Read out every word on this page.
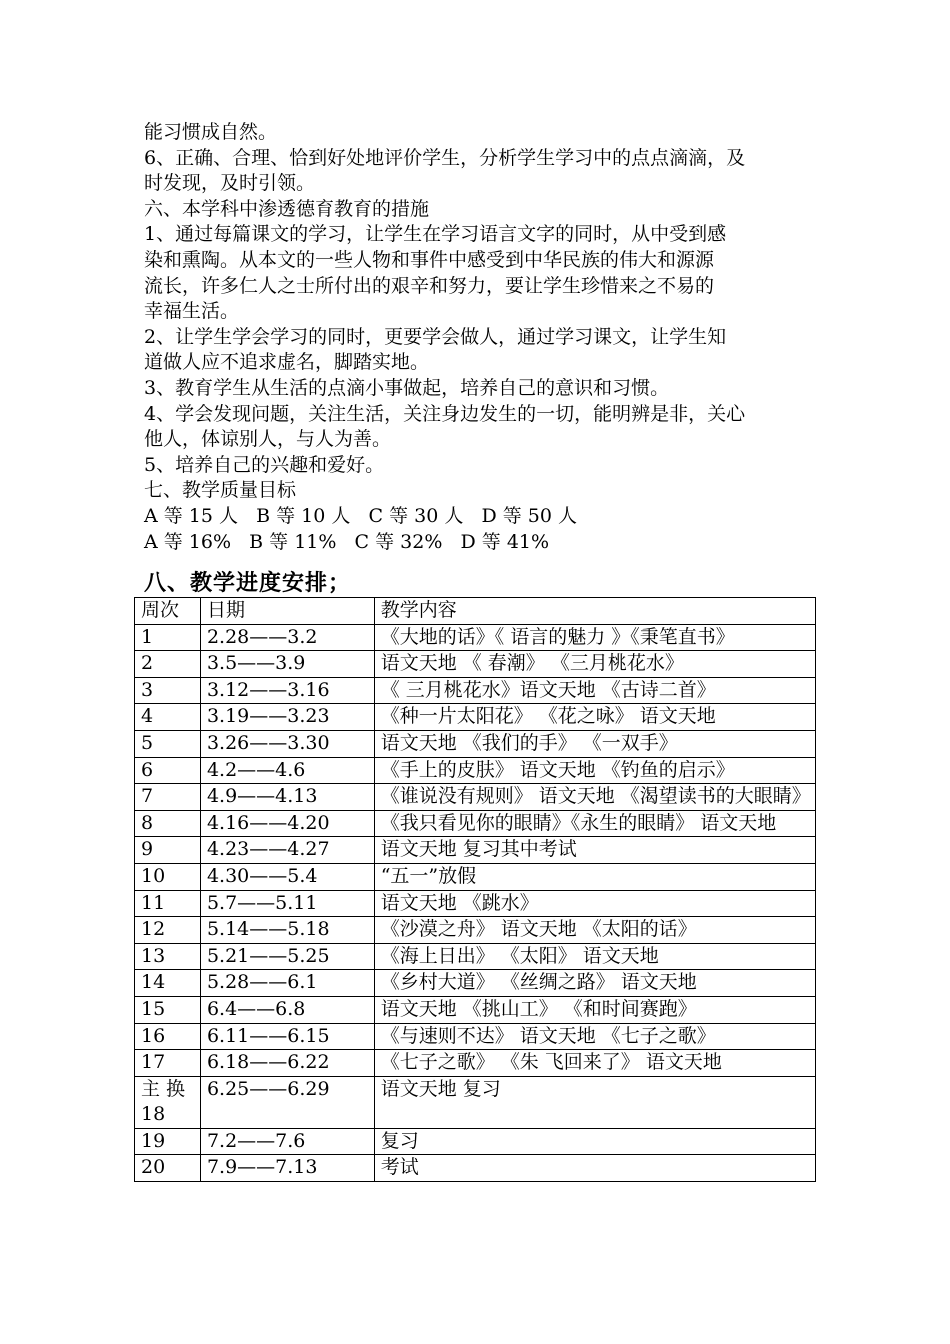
能习惯成自然。

6、正确、合理、恰到好处地评价学生，分析学生学习中的点点滴滴，及
时发现，及时引领。

六、本学科中渗透德育教育的措施

1、通过每篇课文的学习，让学生在学习语言文字的同时，从中受到感
染和熏陶。从本文的一些人物和事件中感受到中华民族的伟大和源源
流长，许多仁人之士所付出的艰辛和努力，要让学生珍惜来之不易的
幸福生活。

2、让学生学会学习的同时，更要学会做人，通过学习课文，让学生知
道做人应不追求虚名，脚踏实地。

3、教育学生从生活的点滴小事做起，培养自己的意识和习惯。

4、学会发现问题，关注生活，关注身边发生的一切，能明辨是非，关心
他人，体谅别人，与人为善。

5、培养自己的兴趣和爱好。

七、教学质量目标

A 等 15 人   B 等 10 人   C 等 30 人   D 等 50 人

A 等 16%   B 等 11%   C 等 32%   D 等 41%

八、教学进度安排；
周次	日期	教学内容
1	2.28——3.2	《大地的话》《 语言的魅力 》《秉笔直书》
2	3.5——3.9	语文天地 《 春潮》 《三月桃花水》
3	3.12——3.16	《 三月桃花水》语文天地 《古诗二首》
4	3.19——3.23	《种一片太阳花》 《花之咏》 语文天地
5	3.26——3.30	语文天地 《我们的手》 《一双手》
6	4.2——4.6	《手上的皮肤》 语文天地 《钓鱼的启示》
7	4.9——4.13	《谁说没有规则》 语文天地 《渴望读书的大眼睛》
8	4.16——4.20	《我只看见你的眼睛》《永生的眼睛》 语文天地
9	4.23——4.27	语文天地 复习其中考试
10	4.30——5.4	“五一”放假
11	5.7——5.11	语文天地 《跳水》
12	5.14——5.18	《沙漠之舟》 语文天地 《太阳的话》
13	5.21——5.25	《海上日出》 《太阳》 语文天地
14	5.28——6.1	《乡村大道》 《丝绸之路》 语文天地
15	6.4——6.8	语文天地 《挑山工》 《和时间赛跑》
16	6.11——6.15	《与速则不达》 语文天地 《七子之歌》
17	6.18——6.22	《七子之歌》 《朱 飞回来了》 语文天地
主 换 18	6.25——6.29	语文天地 复习
19	7.2——7.6	复习
20	7.9——7.13	考试
